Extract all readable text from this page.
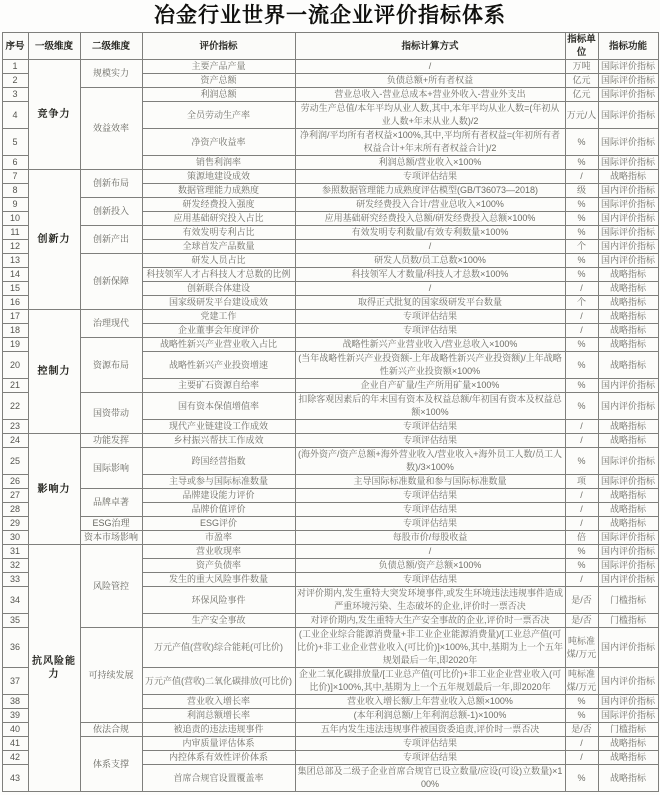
冶金行业世界一流企业评价指标体系
序号	一级维度	二级维度	评价指标	指标计算方式	指标单位	指标功能
1	竞争力	规模实力	主要产品产量	/	万吨	国际评价指标
2			资产总额	负债总额+所有者权益	亿元	国际评价指标
3		效益效率	利润总额	营业总收入-营业总成本+营业外收入-营业外支出	亿元	国际评价指标
4			全员劳动生产率	劳动生产总值/本年平均从业人数,其中,本年平均从业人数=(年初从业人数+年末从业人数)/2	万元/人	国际评价指标
5			净资产收益率	净利润/平均所有者权益×100%,其中,平均所有者权益=(年初所有者权益合计+年末所有者权益合计)/2	%	国际评价指标
6			销售利润率	利润总额/营业收入×100%	%	国际评价指标
7	创新力	创新布局	策源地建设成效	专项评估结果	/	战略指标
8			数据管理能力成熟度	参照数据管理能力成熟度评估模型(GB/T36073—2018)	级	国内评价指标
9		创新投入	研发经费投入强度	研发经费投入合计/营业总收入×100%	%	国际评价指标
10			应用基础研究投入占比	应用基础研究经费投入总额/研发经费投入总额×100%	%	国内评价指标
11		创新产出	有效发明专利占比	有效发明专利数量/有效专利数量×100%	%	国际评价指标
12			全球首发产品数量	/	个	国内评价指标
13		创新保障	研发人员占比	研发人员数/员工总数×100%	%	国内评价指标
14			科技领军人才占科技人才总数的比例	科技领军人才数量/科技人才总数×100%	%	战略指标
15			创新联合体建设	/	/	战略指标
16			国家级研发平台建设成效	取得正式批复的国家级研发平台数量	个	战略指标
17	控制力	治理现代	党建工作	专项评估结果	/	战略指标
18			企业董事会年度评价	专项评估结果	/	战略指标
19		资源布局	战略性新兴产业营业收入占比	战略性新兴产业营业收入/营业总收入×100%	%	战略指标
20			战略性新兴产业投资增速	(当年战略性新兴产业投资额-上年战略性新兴产业投资额)/上年战略性新兴产业投资额×100%	%	战略指标
21			主要矿石资源自给率	企业自产矿量/生产所用矿量×100%	%	国内评价指标
22		国资带动	国有资本保值增值率	扣除客观因素后的年末国有资本及权益总额/年初国有资本及权益总额×100%	%	国内评价指标
23			现代产业链建设工作成效	专项评估结果	/	战略指标
24	影响力	功能发挥	乡村振兴帮扶工作成效	专项评估结果	/	战略指标
25		国际影响	跨国经营指数	(海外资产/资产总额+海外营业收入/营业收入+海外员工人数/员工人数)/3×100%	%	国际评价指标
26			主导或参与国际标准数量	主导国际标准数量和参与国际标准数量	项	国际评价指标
27		品牌卓著	品牌建设能力评价	专项评估结果	/	战略指标
28			品牌价值评价	专项评估结果	/	战略指标
29		ESG治理	ESG评价	专项评估结果	/	战略指标
30		资本市场影响	市盈率	每股市价/每股收益	倍	国际评价指标
31	抗风险能力	风险管控	营业收现率	/	%	国内评价指标
32			资产负债率	负债总额/资产总额×100%	%	国际评价指标
33			发生的重大风险事件数量	专项评估结果	/	国内评价指标
34			环保风险事件	对评价期内,发生重特大突发环境事件,或发生环境违法违规事件造成严重环境污染、生态破坏的企业,评价时一票否决	是/否	门槛指标
35			生产安全事故	对评价期内,发生重特大生产安全事故的企业,评价时一票否决	是/否	门槛指标
36		可持续发展	万元产值(营收)综合能耗(可比价)	(工业企业综合能源消费量+非工业企业能源消费量)/[工业总产值(可比价)+非工业企业营业收入(可比价)]×100%,其中,基期为上一个五年规划最后一年,即2020年	吨标准煤/万元	国内评价指标
37			万元产值(营收)二氧化碳排放(可比价)	企业二氧化碳排放量/[工业总产值(可比价)+非工业企业营业收入(可比价)]×100%,其中,基期为上一个五年规划最后一年,即2020年	吨标准煤/万元	国内评价指标
38			营业收入增长率	营业收入增长额/上年营业收入总额×100%	%	国内评价指标
39			利润总额增长率	(本年利润总额/上年利润总额-1)×100%	%	国际评价指标
40		依法合规	被追责的违法违规事件	五年内发生违法违规事件被国资委追责,评价时一票否决	是/否	门槛指标
41		体系支撑	内审质量评估体系	专项评估结果	/	战略指标
42			内控体系有效性评价体系	专项评估结果	/	战略指标
43			首席合规官设置覆盖率	集团总部及二级子企业首席合规官已设立数量/应设(可设)立数量)×100%	%	战略指标
